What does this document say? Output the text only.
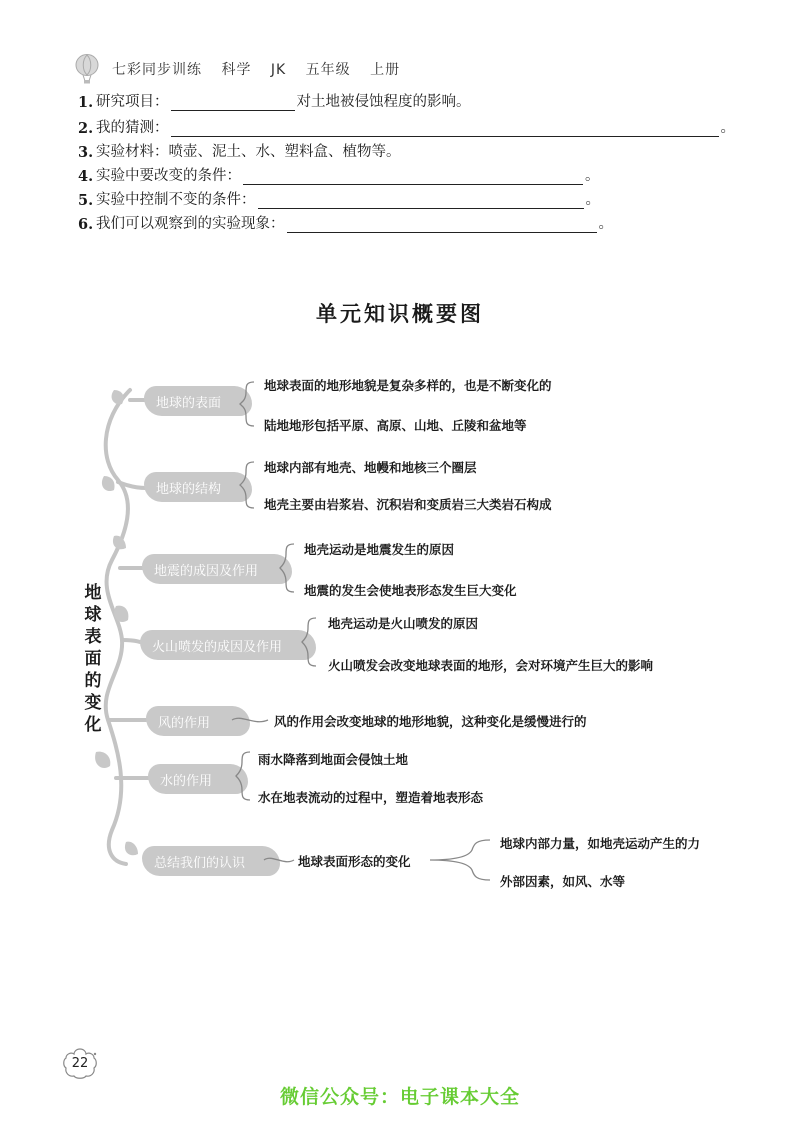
七彩同步训练 科学 JK 五年级 上册
1. 研究项目：	对土地被侵蚀程度的影响。
2. 我的猜测：	。
3. 实验材料：喷壶、泥土、水、塑料盒、植物等。
4. 实验中要改变的条件：	。
5. 实验中控制不变的条件：	。
6. 我们可以观察到的实验现象：	。
单元知识概要图
地
球
表
面
的
变
化
地球的表面
地球表面的地形地貌是复杂多样的，也是不断变化的
陆地地形包括平原、高原、山地、丘陵和盆地等
地球的结构
地球内部有地壳、地幔和地核三个圈层
地壳主要由岩浆岩、沉积岩和变质岩三大类岩石构成
地震的成因及作用
地壳运动是地震发生的原因
地震的发生会使地表形态发生巨大变化
火山喷发的成因及作用
地壳运动是火山喷发的原因
火山喷发会改变地球表面的地形，会对环境产生巨大的影响
风的作用	风的作用会改变地球的地形地貌，这种变化是缓慢进行的
水的作用
雨水降落到地面会侵蚀土地
水在地表流动的过程中，塑造着地表形态
总结我们的认识	地球表面形态的变化
地球内部力量，如地壳运动产生的力
外部因素，如风、水等
22
微信公众号：电子课本大全
